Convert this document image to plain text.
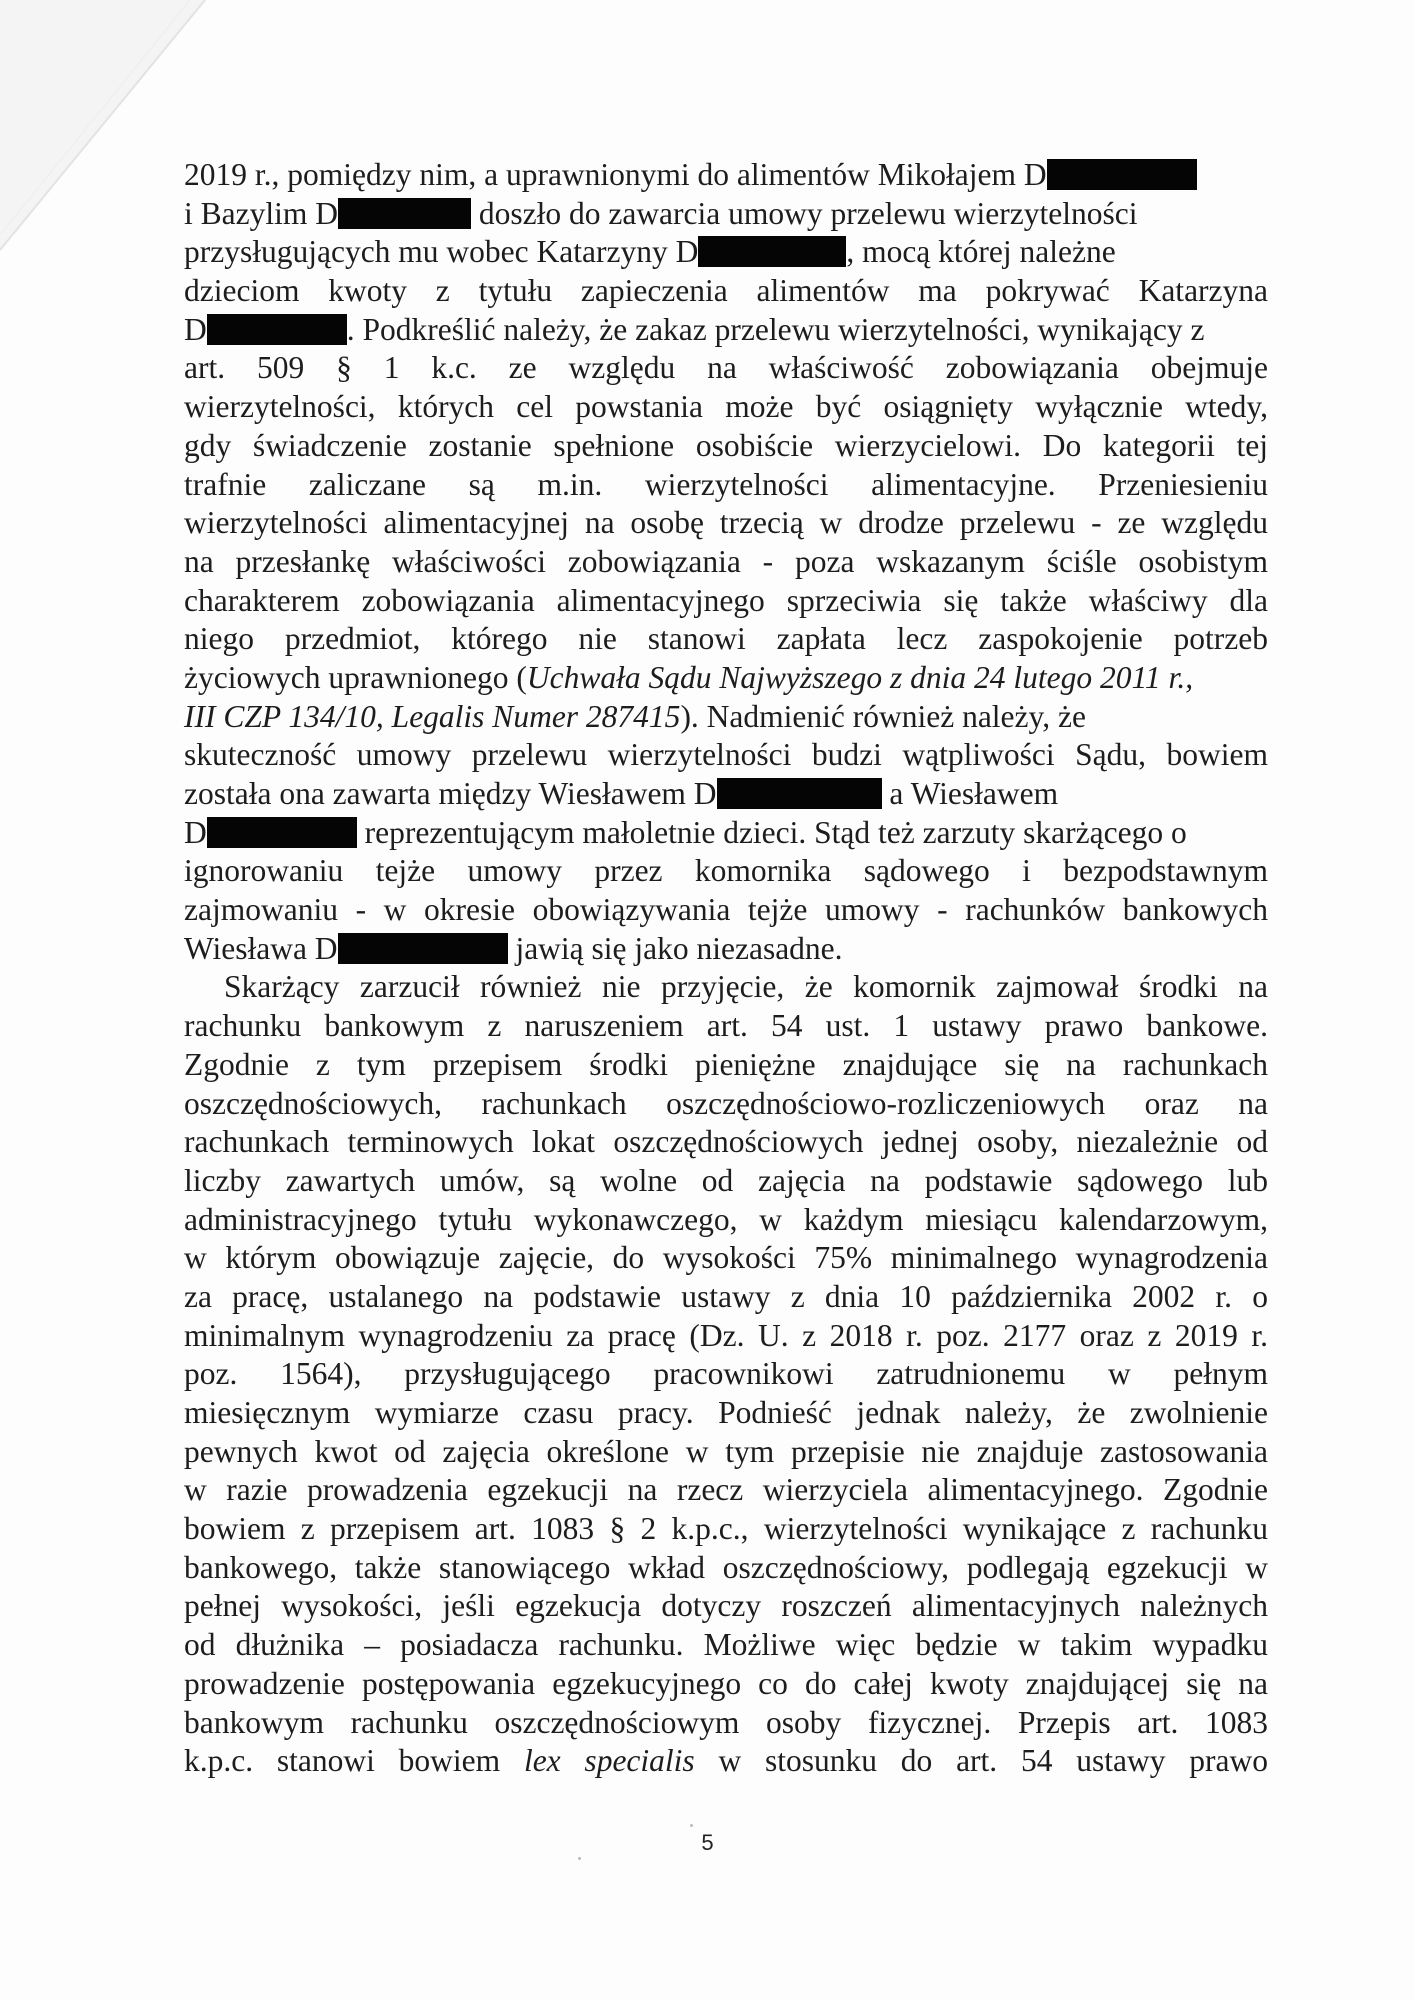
2019 r., pomiędzy nim, a uprawnionymi do alimentów Mikołajem D
i Bazylim D	doszło do zawarcia umowy przelewu wierzytelności
przysługujących mu wobec Katarzyny D	, mocą której należne
dzieciom kwoty z tytułu zapieczenia alimentów ma pokrywać Katarzyna
D	. Podkreślić należy, że zakaz przelewu wierzytelności, wynikający z
art. 509 § 1 k.c. ze względu na właściwość zobowiązania obejmuje
wierzytelności, których cel powstania może być osiągnięty wyłącznie wtedy,
gdy świadczenie zostanie spełnione osobiście wierzycielowi. Do kategorii tej
trafnie zaliczane są m.in. wierzytelności alimentacyjne. Przeniesieniu
wierzytelności alimentacyjnej na osobę trzecią w drodze przelewu - ze względu
na przesłankę właściwości zobowiązania - poza wskazanym ściśle osobistym
charakterem zobowiązania alimentacyjnego sprzeciwia się także właściwy dla
niego przedmiot, którego nie stanowi zapłata lecz zaspokojenie potrzeb
życiowych uprawnionego (Uchwała Sądu Najwyższego z dnia 24 lutego 2011 r.,
III CZP 134/10, Legalis Numer 287415). Nadmienić również należy, że
skuteczność umowy przelewu wierzytelności budzi wątpliwości Sądu, bowiem
została ona zawarta między Wiesławem D	a Wiesławem
D	reprezentującym małoletnie dzieci. Stąd też zarzuty skarżącego o
ignorowaniu tejże umowy przez komornika sądowego i bezpodstawnym
zajmowaniu - w okresie obowiązywania tejże umowy - rachunków bankowych
Wiesława D	jawią się jako niezasadne.
Skarżący zarzucił również nie przyjęcie, że komornik zajmował środki na
rachunku bankowym z naruszeniem art. 54 ust. 1 ustawy prawo bankowe.
Zgodnie z tym przepisem środki pieniężne znajdujące się na rachunkach
oszczędnościowych, rachunkach oszczędnościowo-rozliczeniowych oraz na
rachunkach terminowych lokat oszczędnościowych jednej osoby, niezależnie od
liczby zawartych umów, są wolne od zajęcia na podstawie sądowego lub
administracyjnego tytułu wykonawczego, w każdym miesiącu kalendarzowym,
w którym obowiązuje zajęcie, do wysokości 75% minimalnego wynagrodzenia
za pracę, ustalanego na podstawie ustawy z dnia 10 października 2002 r. o
minimalnym wynagrodzeniu za pracę (Dz. U. z 2018 r. poz. 2177 oraz z 2019 r.
poz. 1564), przysługującego pracownikowi zatrudnionemu w pełnym
miesięcznym wymiarze czasu pracy. Podnieść jednak należy, że zwolnienie
pewnych kwot od zajęcia określone w tym przepisie nie znajduje zastosowania
w razie prowadzenia egzekucji na rzecz wierzyciela alimentacyjnego. Zgodnie
bowiem z przepisem art. 1083 § 2 k.p.c., wierzytelności wynikające z rachunku
bankowego, także stanowiącego wkład oszczędnościowy, podlegają egzekucji w
pełnej wysokości, jeśli egzekucja dotyczy roszczeń alimentacyjnych należnych
od dłużnika – posiadacza rachunku. Możliwe więc będzie w takim wypadku
prowadzenie postępowania egzekucyjnego co do całej kwoty znajdującej się na
bankowym rachunku oszczędnościowym osoby fizycznej. Przepis art. 1083
k.p.c. stanowi bowiem lex specialis w stosunku do art. 54 ustawy prawo
5
